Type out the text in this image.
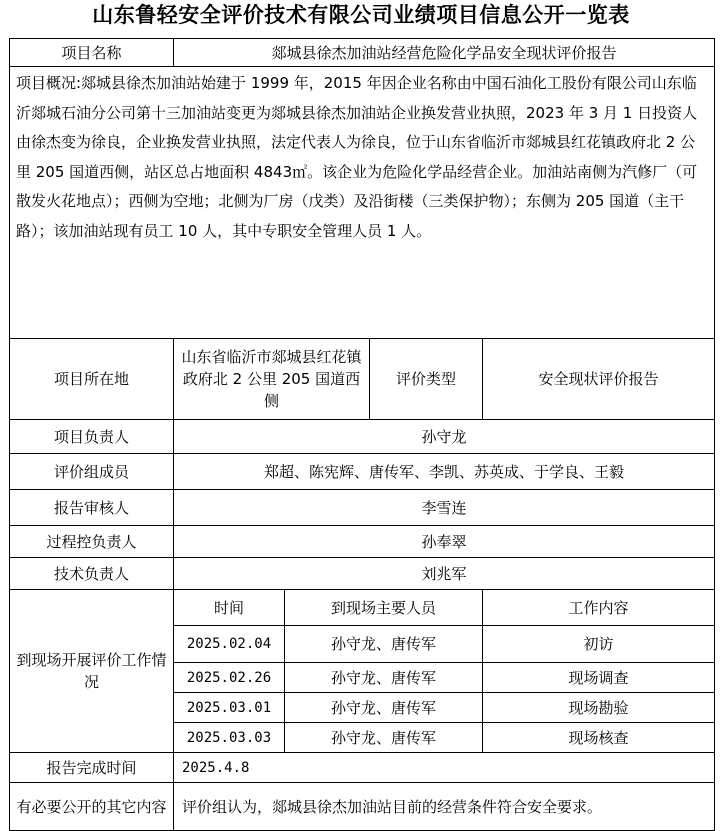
山东鲁轻安全评价技术有限公司业绩项目信息公开一览表
项目名称	郯城县徐杰加油站经营危险化学品安全现状评价报告			
项目概况:郯城县徐杰加油站始建于 1999 年，2015 年因企业名称由中国石油化工股份有限公司山东临沂郯城石油分公司第十三加油站变更为郯城县徐杰加油站企业换发营业执照，2023 年 3 月 1 日投资人由徐杰变为徐良，企业换发营业执照，法定代表人为徐良，位于山东省临沂市郯城县红花镇政府北 2 公里 205 国道西侧，站区总占地面积 4843㎡。该企业为危险化学品经营企业。加油站南侧为汽修厂（可散发火花地点）；西侧为空地；北侧为厂房（戊类）及沿街楼（三类保护物）；东侧为 205 国道（主干路）；该加油站现有员工 10 人，其中专职安全管理人员 1 人。				
项目所在地	山东省临沂市郯城县红花镇政府北 2 公里 205 国道西侧		评价类型	安全现状评价报告
项目负责人	孙守龙			
评价组成员	郑超、陈宪辉、唐传军、李凯、苏英成、于学良、王毅			
报告审核人	李雪连			
过程控负责人	孙奉翠			
技术负责人	刘兆军			
到现场开展评价工作情况	时间	到现场主要人员		工作内容
	2025.02.04	孙守龙、唐传军		初访
	2025.02.26	孙守龙、唐传军		现场调查
	2025.03.01	孙守龙、唐传军		现场勘验
	2025.03.03	孙守龙、唐传军		现场核查
报告完成时间	2025.4.8			
有必要公开的其它内容	评价组认为，郯城县徐杰加油站目前的经营条件符合安全要求。			
